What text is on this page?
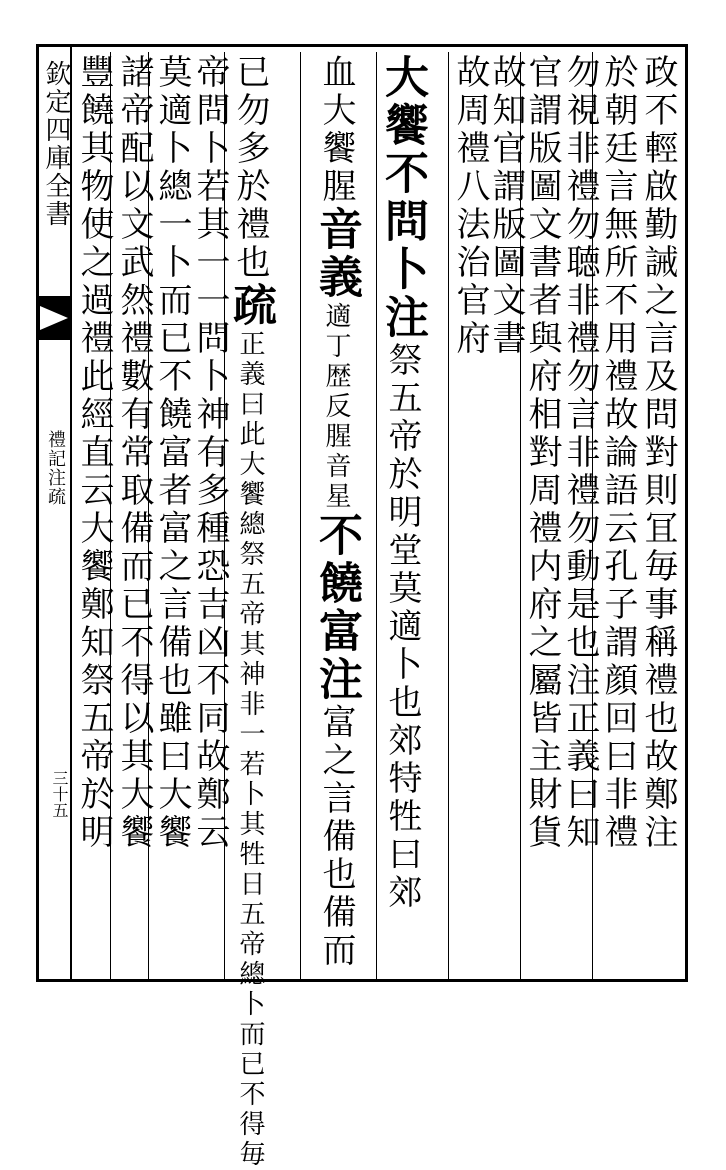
欽定四庫全書
禮記注疏
三十五	政不輕啟勤誡之言及問對則冝毎事稱禮也故鄭注
於朝廷言無所不用禮故論語云孔子謂顔回曰非禮
勿視非禮勿聴非禮勿言非禮勿動是也注正義曰知
官謂版圖文書者與府相對周禮内府之屬皆主財貨
故知官謂版圖文書
故周禮八法治官府
大饗不問卜注祭五帝於明堂莫適卜也郊特牲曰郊
血大饗腥音義適丁歴反腥音星不饒富注富之言備也備而
已勿多於禮也疏正義曰此大饗總祭五帝其神非一若卜其牲日五帝總卜而已不得毎
帝問卜若其一一問卜神有多種恐吉凶不同故鄭云
莫適卜總一卜而已不饒富者富之言備也雖曰大饗
諸帝配以文武然禮數有常取備而已不得以其大饗
豐饒其物使之過禮此經直云大饗鄭知祭五帝於明
